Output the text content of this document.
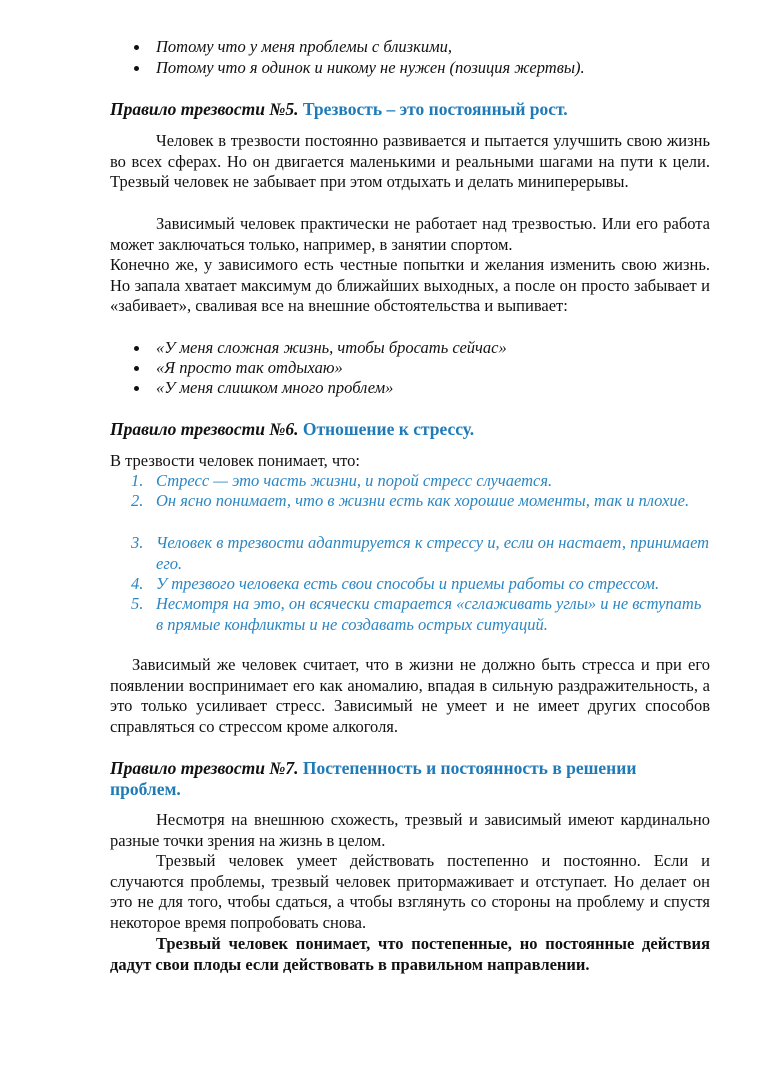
Потому что у меня проблемы с близкими,
Потому что я одинок и никому не нужен (позиция жертвы).
Правило трезвости №5. Трезвость – это постоянный рост.

Человек в трезвости постоянно развивается и пытается улучшить свою жизнь во всех сферах. Но он двигается маленькими и реальными шагами на пути к цели. Трезвый человек не забывает при этом отдыхать и делать миниперерывы.

Зависимый человек практически не работает над трезвостью. Или его работа может заключаться только, например, в занятии спортом.

Конечно же, у зависимого есть честные попытки и желания изменить свою жизнь. Но запала хватает максимум до ближайших выходных, а после он просто забывает и «забивает», сваливая все на внешние обстоятельства и выпивает:

«У меня сложная жизнь, чтобы бросать сейчас»
«Я просто так отдыхаю»
«У меня слишком много проблем»
Правило трезвости №6. Отношение к стрессу.

В трезвости человек понимает, что:

1. Стресс — это часть жизни, и порой стресс случается.
2. Он ясно понимает, что в жизни есть как хорошие моменты, так и плохие.
3. Человек в трезвости адаптируется к стрессу и, если он настает, принимает его.
4. У трезвого человека есть свои способы и приемы работы со стрессом.
5. Несмотря на это, он всячески старается «сглаживать углы» и не вступать в прямые конфликты и не создавать острых ситуаций.

Зависимый же человек считает, что в жизни не должно быть стресса и при его появлении воспринимает его как аномалию, впадая в сильную раздражительность, а это только усиливает стресс. Зависимый не умеет и не имеет других способов справляться со стрессом кроме алкоголя.

Правило трезвости №7. Постепенность и постоянность в решении проблем.

Несмотря на внешнюю схожесть, трезвый и зависимый имеют кардинально разные точки зрения на жизнь в целом.

Трезвый человек умеет действовать постепенно и постоянно. Если и случаются проблемы, трезвый человек притормаживает и отступает. Но делает он это не для того, чтобы сдаться, а чтобы взглянуть со стороны на проблему и спустя некоторое время попробовать снова.

Трезвый человек понимает, что постепенные, но постоянные действия дадут свои плоды если действовать в правильном направлении.
